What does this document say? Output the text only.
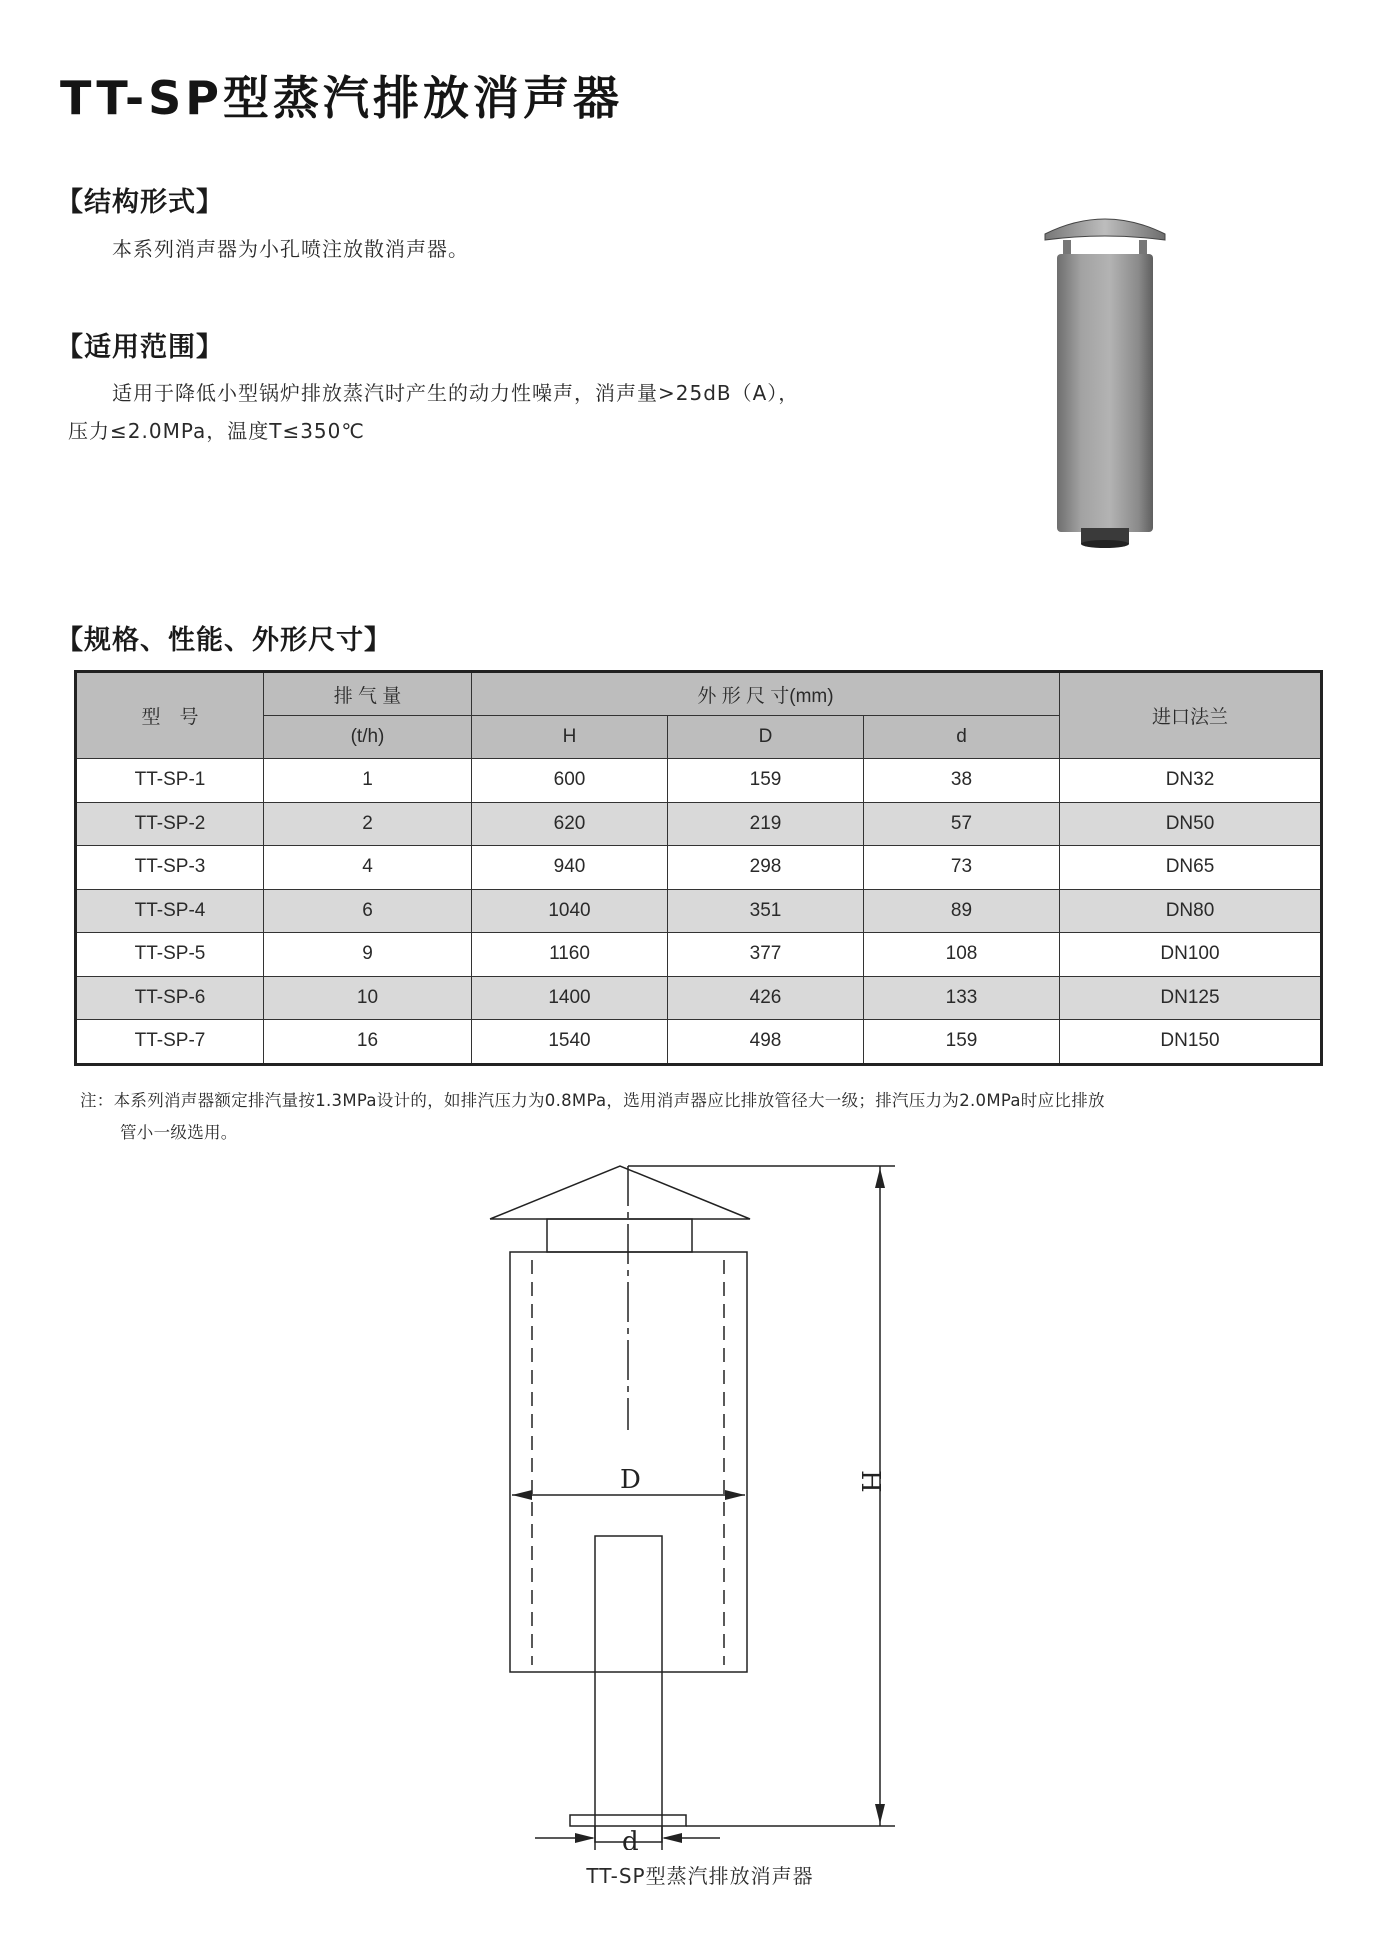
TT-SP型蒸汽排放消声器
【结构形式】
本系列消声器为小孔喷注放散消声器。
【适用范围】
适用于降低小型锅炉排放蒸汽时产生的动力性噪声，消声量>25dB（A），
压力≤2.0MPa，温度T≤350℃
【规格、性能、外形尺寸】
型　号	排 气 量	外 形 尺 寸(mm)			进口法兰
	(t/h)	H	D	d	
TT-SP-1	1	600	159	38	DN32
TT-SP-2	2	620	219	57	DN50
TT-SP-3	4	940	298	73	DN65
TT-SP-4	6	1040	351	89	DN80
TT-SP-5	9	1160	377	108	DN100
TT-SP-6	10	1400	426	133	DN125
TT-SP-7	16	1540	498	159	DN150
注：本系列消声器额定排汽量按1.3MPa设计的，如排汽压力为0.8MPa，选用消声器应比排放管径大一级；排汽压力为2.0MPa时应比排放
管小一级选用。
D
d
H
TT-SP型蒸汽排放消声器
